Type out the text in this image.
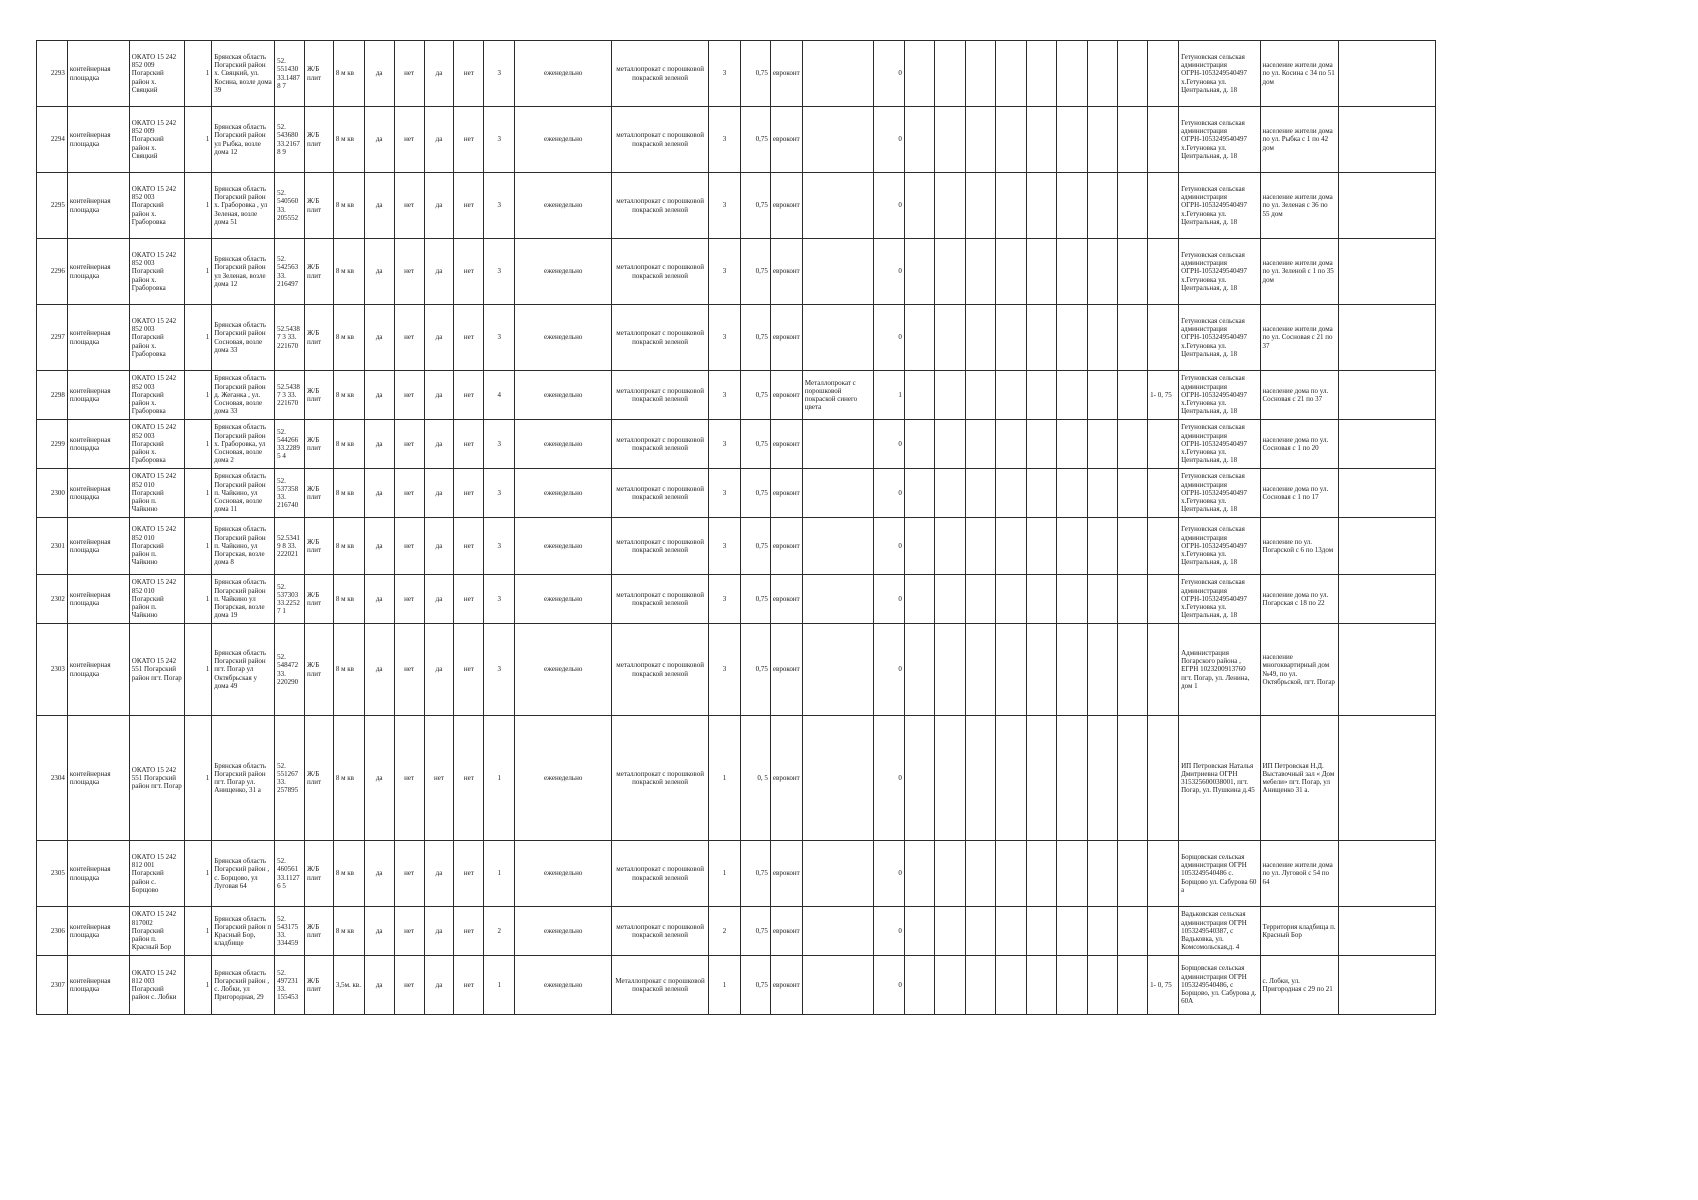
2293	контейнерная площадка	ОКАТО 15 242 852 009 Погарский район х. Свяцкий	1	Брянская область Погарский район х. Свяцкий, ул. Косина, возле дома 39	52. 551430 33.14878 7	Ж/Б плит	8 м кв	да	нет	да	нет	3	еженедельно	металлопрокат с порошковой покраской зеленой	3	0,75	евроконт		0										Гетуновская сельская администрация ОГРН-1053249540497 х.Гетуновка ул. Центральная, д. 18	население жители дома по ул. Косина с 34 по 51 дом	
2294	контейнерная площадка	ОКАТО 15 242 852 009 Погарский район х. Свяцкий	1	Брянская область Погарский район ул Рыбка, возле дома 12	52. 543680 33.21678 9	Ж/Б плит	8 м кв	да	нет	да	нет	3	еженедельно	металлопрокат с порошковой покраской зеленой	3	0,75	евроконт		0										Гетуновская сельская администрация ОГРН-1053249540497 х.Гетуновка ул. Центральная, д. 18	население жители дома по ул. Рыбка с 1 по 42 дом	
2295	контейнерная площадка	ОКАТО 15 242 852 003 Погарский район х. Граборовка	1	Брянская область Погарский район х. Граборовка , ул Зеленая, возле дома 51	52. 540560 33. 205552	Ж/Б плит	8 м кв	да	нет	да	нет	3	еженедельно	металлопрокат с порошковой покраской зеленой	3	0,75	евроконт		0										Гетуновская сельская администрация ОГРН-1053249540497 х.Гетуновка ул. Центральная, д. 18	население жители дома по ул. Зеленая с 36 по 55 дом	
2296	контейнерная площадка	ОКАТО 15 242 852 003 Погарский район х. Граборовка	1	Брянская область Погарский район ул Зеленая, возле дома 12	52. 542563 33. 216497	Ж/Б плит	8 м кв	да	нет	да	нет	3	еженедельно	металлопрокат с порошковой покраской зеленой	3	0,75	евроконт		0										Гетуновская сельская администрация ОГРН-1053249540497 х.Гетуновка ул. Центральная, д. 18	население жители дома по ул. Зеленой с 1 по 35 дом	
2297	контейнерная площадка	ОКАТО 15 242 852 003 Погарский район х. Граборовка	1	Брянская область Погарский район Сосновая, возле дома 33	52.54387 3 33. 221670	Ж/Б плит	8 м кв	да	нет	да	нет	3	еженедельно	металлопрокат с порошковой покраской зеленой	3	0,75	евроконт		0										Гетуновская сельская администрация ОГРН-1053249540497 х.Гетуновка ул. Центральная, д. 18	население жители дома по ул. Сосновая с 21 по 37	
2298	контейнерная площадка	ОКАТО 15 242 852 003 Погарский район х. Граборовка	1	Брянская область Погарский район д. Жеганка , ул. Сосновая, возле дома 33	52.54387 3 33. 221670	Ж/Б плит	8 м кв	да	нет	да	нет	4	еженедельно	металлопрокат с порошковой покраской зеленой	3	0,75	евроконт	Металлопрокат с порошковой покраской синего цвета	1									1- 0, 75	Гетуновская сельская администрация ОГРН-1053249540497 х.Гетуновка ул. Центральная, д. 18	население дома по ул. Сосновая с 21 по 37	
2299	контейнерная площадка	ОКАТО 15 242 852 003 Погарский район х. Граборовка	1	Брянская область Погарский район х. Граборовка, ул Сосновая, возле дома 2	52. 544266 33.22895 4	Ж/Б плит	8 м кв	да	нет	да	нет	3	еженедельно	металлопрокат с порошковой покраской зеленой	3	0,75	евроконт		0										Гетуновская сельская администрация ОГРН-1053249540497 х.Гетуновка ул. Центральная, д. 18	население дома по ул. Сосновая с 1 по 20	
2300	контейнерная площадка	ОКАТО 15 242 852 010 Погарский район п. Чайкино	1	Брянская область Погарский район п. Чайкино, ул Сосновая, возле дома 11	52. 537358 33. 216740	Ж/Б плит	8 м кв	да	нет	да	нет	3	еженедельно	металлопрокат с порошковой покраской зеленой	3	0,75	евроконт		0										Гетуновская сельская администрация ОГРН-1053249540497 х.Гетуновка ул. Центральная, д. 18	население дома по ул. Сосновая с 1 по 17	
2301	контейнерная площадка	ОКАТО 15 242 852 010 Погарский район п. Чайкино	1	Брянская область Погарский район п. Чайкино, ул Погарская, возле дома 8	52.53419 8 33. 222021	Ж/Б плит	8 м кв	да	нет	да	нет	3	еженедельно	металлопрокат с порошковой покраской зеленой	3	0,75	евроконт		0										Гетуновская сельская администрация ОГРН-1053249540497 х.Гетуновка ул. Центральная, д. 18	население по ул. Погарской с 6 по 13дом	
2302	контейнерная площадка	ОКАТО 15 242 852 010 Погарский район п. Чайкино	1	Брянская область Погарский район п. Чайкино ул Погарская, возле дома 19	52. 537303 33.22527 1	Ж/Б плит	8 м кв	да	нет	да	нет	3	еженедельно	металлопрокат с порошковой покраской зеленой	3	0,75	евроконт		0										Гетуновская сельская администрация ОГРН-1053249540497 х.Гетуновка ул. Центральная, д. 18	население дома по ул. Погарская с 18 по 22	
2303	контейнерная площадка	ОКАТО 15 242 551 Погарский район пгт. Погар	1	Брянская область Погарский район пгт. Погар ул Октябрьская у дома 49	52. 548472 33. 220290	Ж/Б плит	8 м кв	да	нет	да	нет	3	еженедельно	металлопрокат с порошковой покраской зеленой	3	0,75	евроконт		0										Администрация Погарского района , ЕГРН 1023200913760 пгт. Погар, ул. Ленина, дом 1	население многоквартирный дом №49, по ул. Октябрьской, пгт. Погар	
2304	контейнерная площадка	ОКАТО 15 242 551 Погарский район пгт. Погар	1	Брянская область Погарский район пгт. Погар ул. Анищенко, 31 а	52. 551267 33. 257895	Ж/Б плит	8 м кв	да	нет	нет	нет	1	еженедельно	металлопрокат с порошковой покраской зеленой	1	0, 5	евроконт		0										ИП Петровская Наталья Дмитриевна ОГРН 315325600038001, пгт. Погар, ул. Пушкина д.45	ИП Петровская Н.Д. Выставочный зал « Дом мебели» пгт. Погар, ул Анищенко 31 а.	
2305	контейнерная площадка	ОКАТО 15 242 812 001 Погарский район с. Борщово	1	Брянская область Погарский район , с. Борщово, ул Луговая 64	52. 460561 33.11276 5	Ж/Б плит	8 м кв	да	нет	да	нет	1	еженедельно	металлопрокат с порошковой покраской зеленой	1	0,75	евроконт		0										Борщовская сельская администрация ОГРН 1053249540486 с. Борщово ул. Сабурова 60 а	население жители дома по ул. Луговой с 54 по 64	
2306	контейнерная площадка	ОКАТО 15 242 817002 Погарский район п. Красный Бор	1	Брянская область Погарский район п Красный Бор, кладбище	52. 543175 33. 334459	Ж/Б плит	8 м кв	да	нет	да	нет	2	еженедельно	металлопрокат с порошковой покраской зеленой	2	0,75	евроконт		0										Вадьковская сельская администрация ОГРН 1053249540387, с Вадьковка, ул. Комсомольская,д. 4	Территория кладбища п. Красный Бор	
2307	контейнерная площадка	ОКАТО 15 242 812 003 Погарский район с. Лобки	1	Брянская область Погарский район , с. Лобки, ул Пригородная, 29	52. 497231 33. 155453	Ж/Б плит	3,5м. кв.	да	нет	да	нет	1	еженедельно	Металлопрокат с порошковой покраской зеленой	1	0,75	евроконт		0									1- 0, 75	Борщовская сельская администрация ОГРН 1053249540486, с Борщово, ул. Сабурова д. 60А	с. Лобки, ул. Пригородная с 29 по 21	
